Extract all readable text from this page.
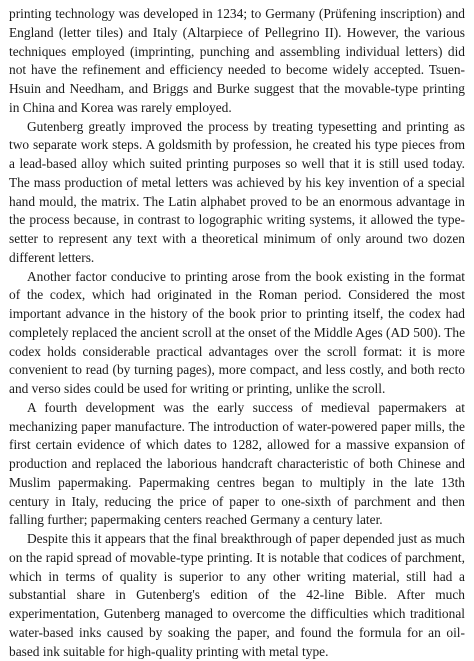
printing technology was developed in 1234; to Germany (Prüfening inscription) and England (letter tiles) and Italy (Altarpiece of Pellegrino II). However, the various techniques employed (imprinting, punching and assembling individual letters) did not have the refinement and efficiency needed to become widely accepted. Tsuen-Hsuin and Needham, and Briggs and Burke suggest that the movable-type printing in China and Korea was rarely employed.

Gutenberg greatly improved the process by treating typesetting and printing as two separate work steps. A goldsmith by profession, he created his type pieces from a lead-based alloy which suited printing purposes so well that it is still used today. The mass production of metal letters was achieved by his key invention of a special hand mould, the matrix. The Latin alphabet proved to be an enormous advantage in the process because, in contrast to logographic writing systems, it allowed the type-setter to represent any text with a theoretical minimum of only around two dozen different letters.

Another factor conducive to printing arose from the book existing in the format of the codex, which had originated in the Roman period. Considered the most important advance in the history of the book prior to printing itself, the codex had completely replaced the ancient scroll at the onset of the Middle Ages (AD 500). The codex holds considerable practical advantages over the scroll format: it is more convenient to read (by turning pages), more compact, and less costly, and both recto and verso sides could be used for writing or printing, unlike the scroll.

A fourth development was the early success of medieval papermakers at mechanizing paper manufacture. The introduction of water-powered paper mills, the first certain evidence of which dates to 1282, allowed for a massive expansion of production and replaced the laborious handcraft characteristic of both Chinese and Muslim papermaking. Papermaking centres began to multiply in the late 13th century in Italy, reducing the price of paper to one-sixth of parchment and then falling further; papermaking centers reached Germany a century later.

Despite this it appears that the final breakthrough of paper depended just as much on the rapid spread of movable-type printing. It is notable that codices of parchment, which in terms of quality is superior to any other writing material, still had a substantial share in Gutenberg's edition of the 42-line Bible. After much experimentation, Gutenberg managed to overcome the difficulties which traditional water-based inks caused by soaking the paper, and found the formula for an oil-based ink suitable for high-quality printing with metal type.
